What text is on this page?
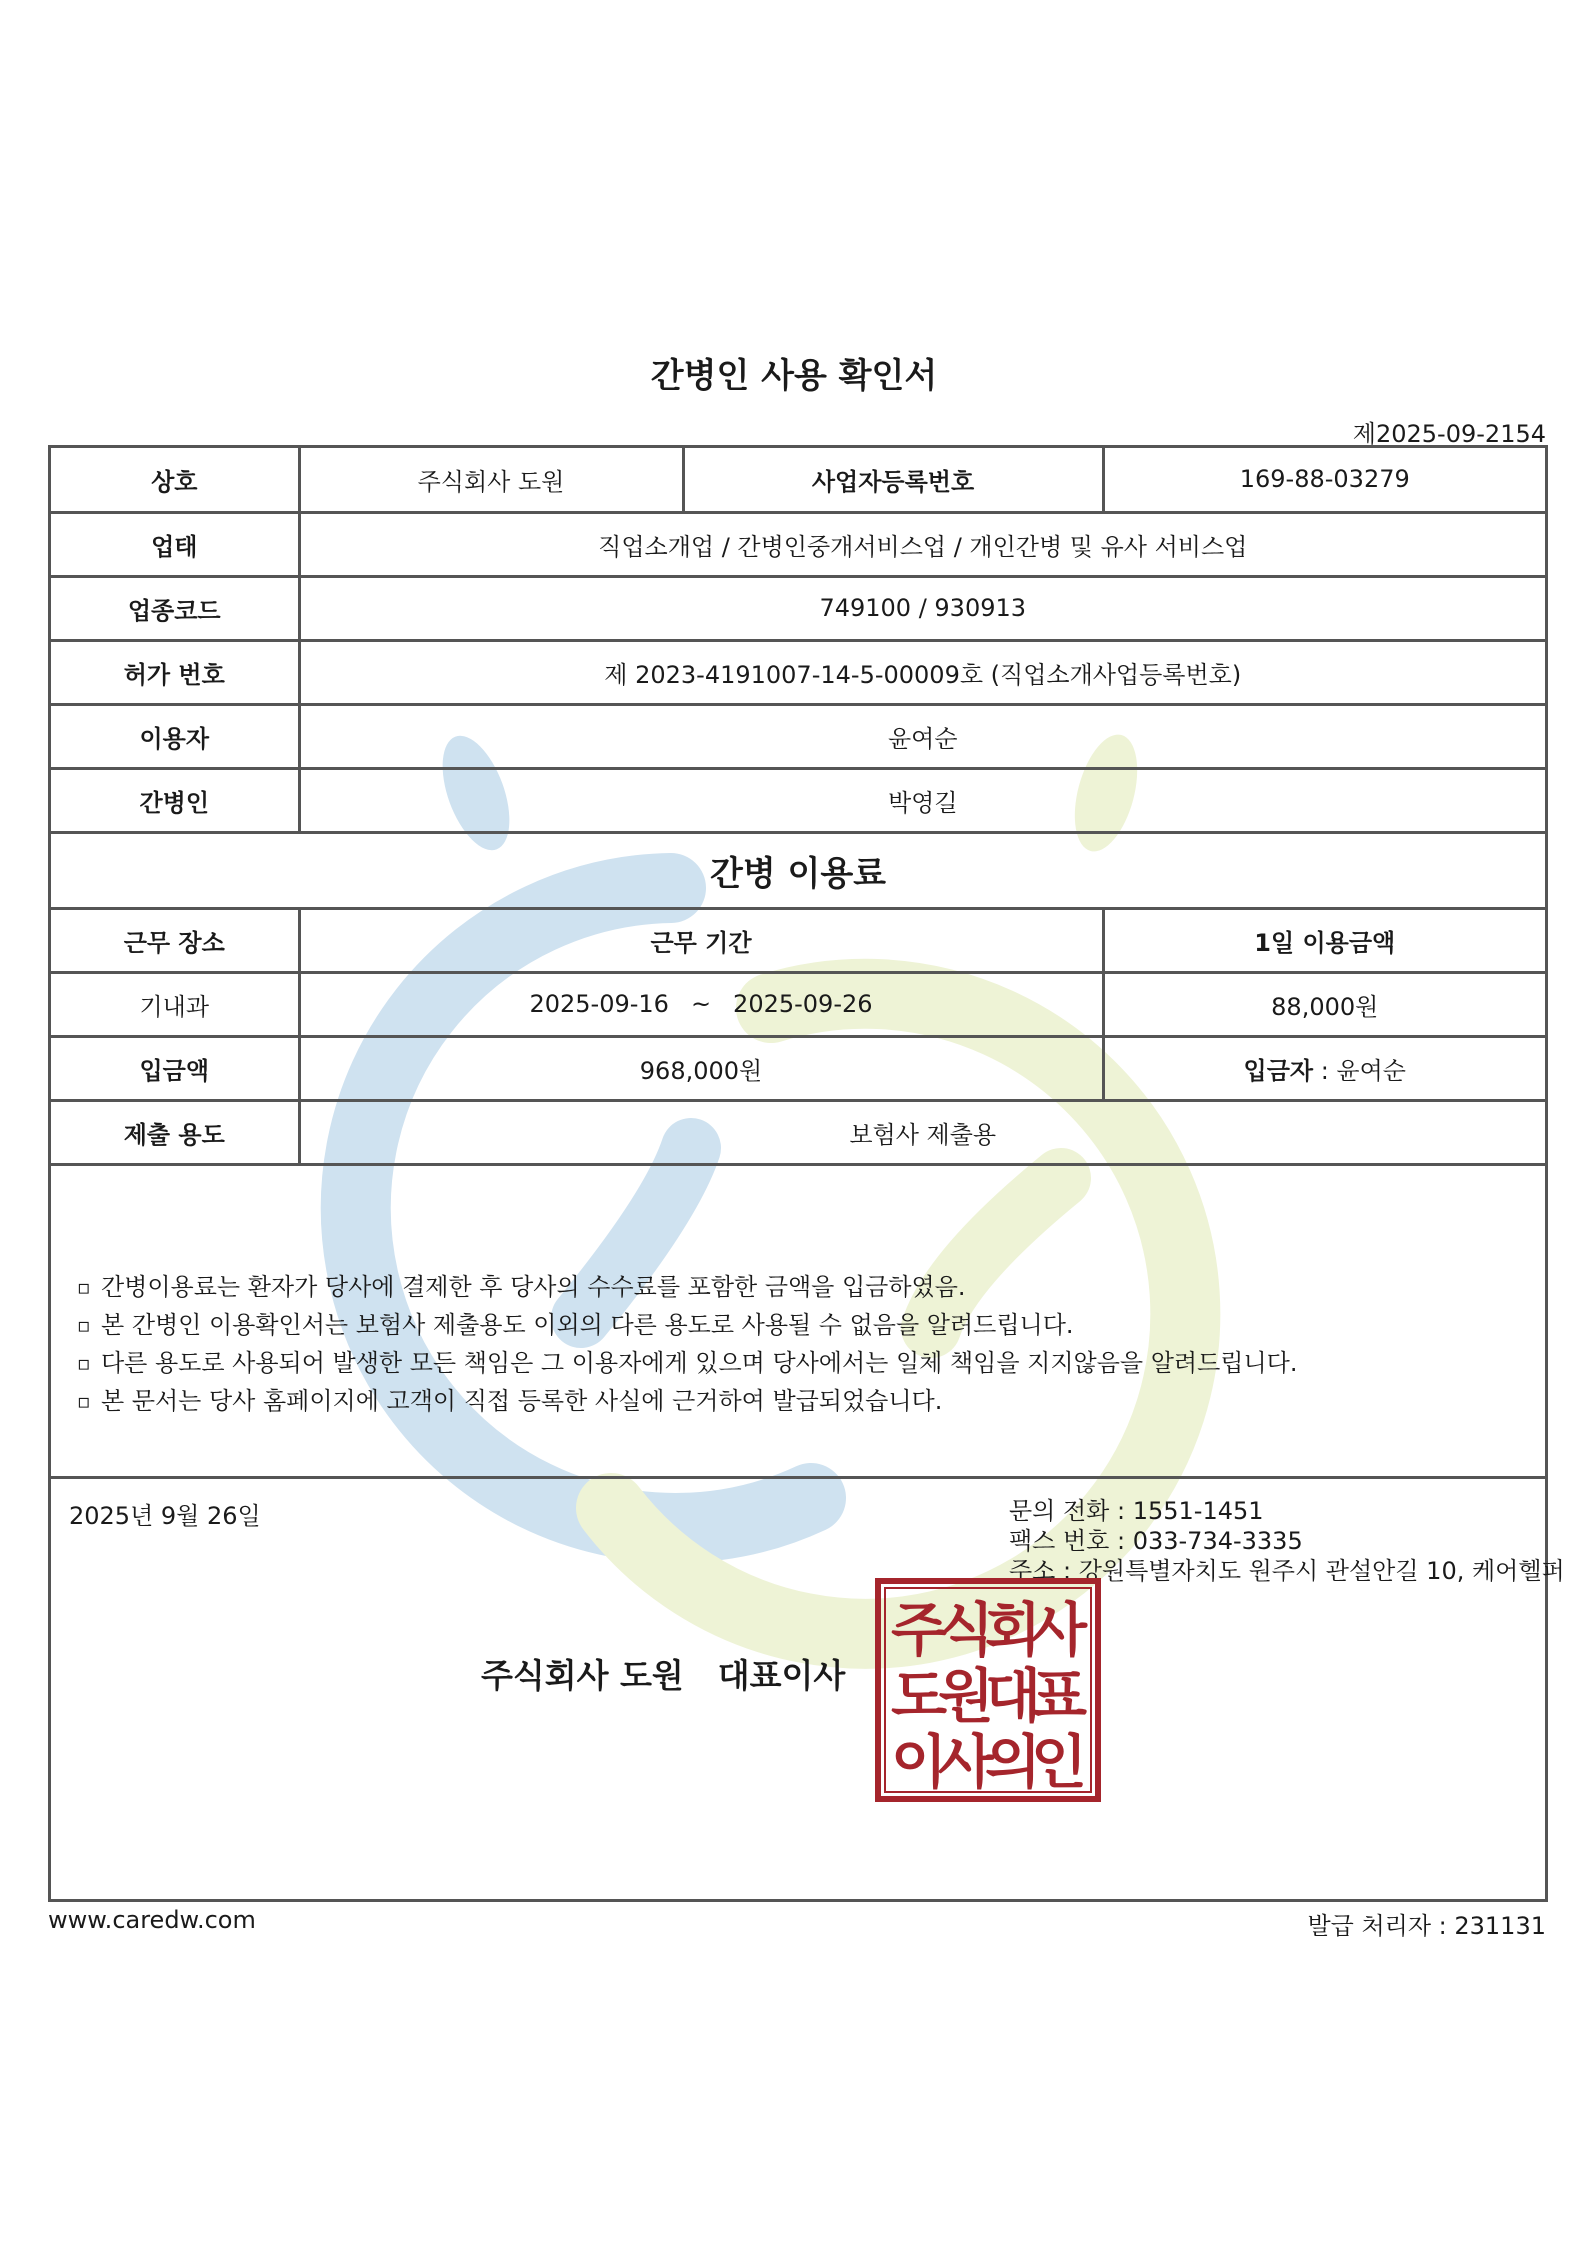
간병인 사용 확인서
제2025-09-2154
상호	주식회사 도원	사업자등록번호	169-88-03279
업태	직업소개업 / 간병인중개서비스업 / 개인간병 및 유사 서비스업		
업종코드	749100 / 930913		
허가 번호	제 2023-4191007-14-5-00009호 (직업소개사업등록번호)		
이용자	윤여순		
간병인	박영길		
간병 이용료			
근무 장소	근무 기간		1일 이용금액
기내과	2025-09-16 ~ 2025-09-26		88,000원
입금액	968,000원		입금자 : 윤여순
제출 용도	보험사 제출용		
▫ 간병이용료는 환자가 당사에 결제한 후 당사의 수수료를 포함한 금액을 입금하였음.
▫ 본 간병인 이용확인서는 보험사 제출용도 이외의 다른 용도로 사용될 수 없음을 알려드립니다.
▫ 다른 용도로 사용되어 발생한 모든 책임은 그 이용자에게 있으며 당사에서는 일체 책임을 지지않음을 알려드립니다.
▫ 본 문서는 당사 홈페이지에 고객이 직접 등록한 사실에 근거하여 발급되었습니다.
2025년 9월 26일	문의 전화 : 1551-1451
팩스 번호 : 033-734-3335
주소 : 강원특별자치도 원주시 관설안길 10, 케어헬퍼
주식회사 도원 대표이사
주
식
회
사
도
원
대
표
이
사
의
인
www.caredw.com	발급 처리자 : 231131
